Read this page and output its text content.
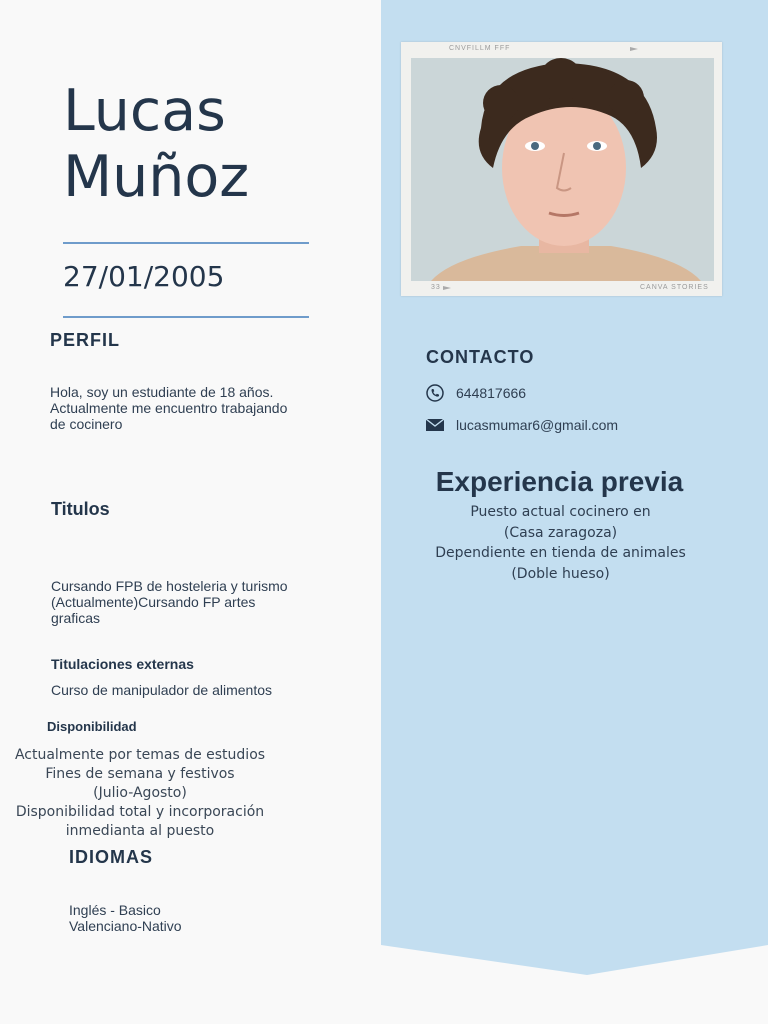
Lucas
Muñoz
27/01/2005
PERFIL
Hola, soy un estudiante de 18 años.
Actualmente me encuentro trabajando
de cocinero
Titulos
Cursando FPB de hosteleria y turismo
(Actualmente)Cursando FP artes
graficas
Titulaciones externas
Curso de manipulador de alimentos
Disponibilidad
Actualmente por temas de estudios
Fines de semana y festivos
(Julio-Agosto)
Disponibilidad total y incorporación
inmedianta al puesto
IDIOMAS
Inglés - Basico
Valenciano-Nativo
CNVFILLM FFF
33	CANVA STORIES
CONTACTO
644817666
lucasmumar6@gmail.com
Experiencia previa
Puesto actual cocinero en
(Casa zaragoza)
Dependiente en tienda de animales
(Doble hueso)
